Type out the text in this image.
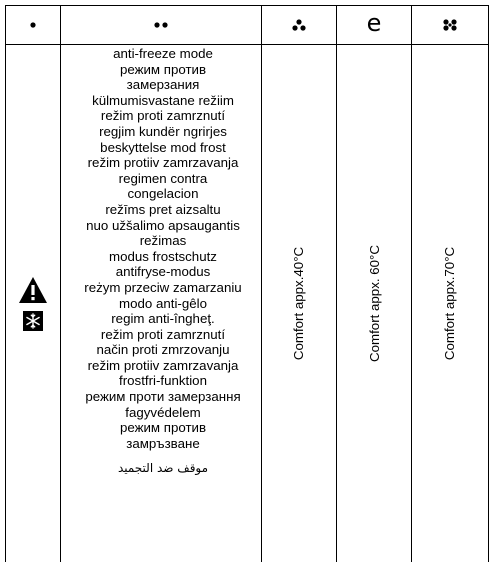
e

anti-freeze mode
режим против
замерзания
külmumisvastane režiim
režim proti zamrznutí
regjim kundër ngrirjes
beskyttelse mod frost
režim protiiv zamrzavanja
regimen contra
congelacion
režīms pret aizsaltu
nuo užšalimo apsaugantis
režimas
modus frostschutz
antifryse-modus
reżym przeciw zamarzaniu
modo anti-gêlo
regim anti-îngheţ.
režim proti zamrznutí
način proti zmrzovanju
režim protiiv zamrzavanja
frostfri-funktion
режим проти замерзання
fagyvédelem
режим против
замръзване
موقف ضد التجميد
Comfort appx.40°C	Comfort appx. 60°C	Comfort appx.70°C
